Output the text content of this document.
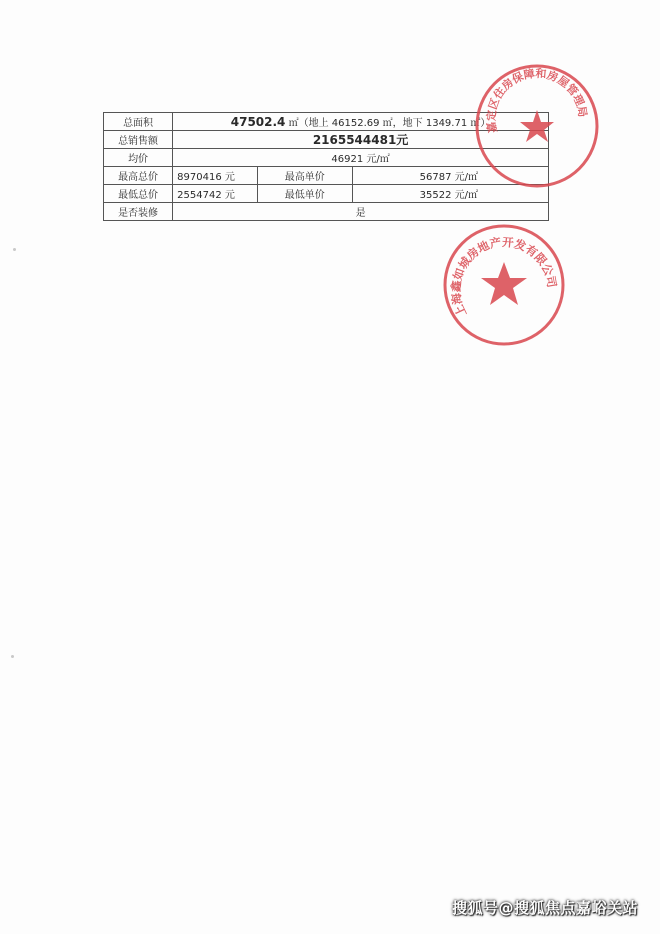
总面积	47502.4 ㎡（地上 46152.69 ㎡，地下 1349.71 ㎡）		
总销售额	2165544481元		
均价	46921 元/㎡		
最高总价	8970416 元	最高单价	56787 元/㎡
最低总价	2554742 元	最低单价	35522 元/㎡
是否装修	是		
嘉定区住房保障和房屋管理局
上海鑫如城房地产开发有限公司
搜狐号@搜狐焦点嘉峪关站
